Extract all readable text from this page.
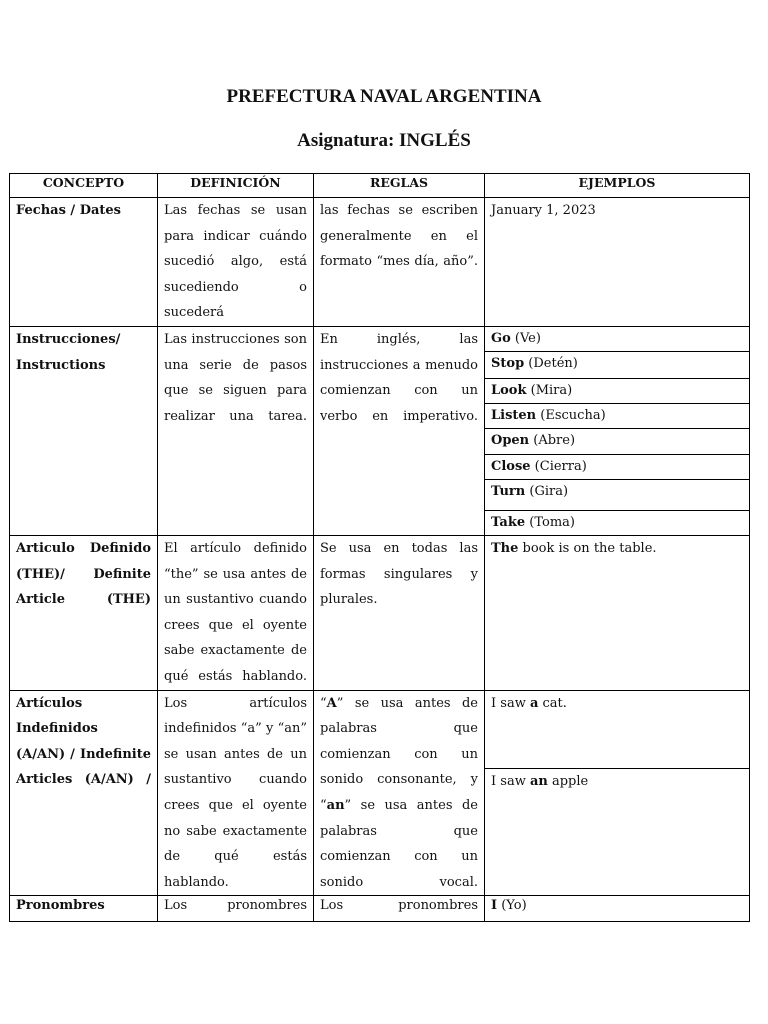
PREFECTURA NAVAL ARGENTINA
Asignatura: INGLÉS
CONCEPTO	DEFINICIÓN	REGLAS	EJEMPLOS
Fechas / Dates	Las fechas se usan para indicar cuándo sucedió algo, está sucediendo o sucederá	las fechas se escriben generalmente en el formato “mes día, año”.	January 1, 2023
Instrucciones/ Instructions	Las instrucciones son una serie de pasos que se siguen para realizar una tarea.	En inglés, las instrucciones a menudo comienzan con un verbo en imperativo.	Go (Ve)
			Stop (Detén)
			Look (Mira)
			Listen (Escucha)
			Open (Abre)
			Close (Cierra)
			Turn (Gira)
			Take (Toma)
Articulo Definido (THE)/ Definite Article (THE)	El artículo definido “the” se usa antes de un sustantivo cuando crees que el oyente sabe exactamente de qué estás hablando.	Se usa en todas las formas singulares y plurales.	The book is on the table.
Artículos Indefinidos (A/AN) / Indefinite Articles (A/AN) /	Los artículos indefinidos “a” y “an” se usan antes de un sustantivo cuando crees que el oyente no sabe exactamente de qué estás hablando.	“A” se usa antes de palabras que comienzan con un sonido consonante, y “an” se usa antes de palabras que comienzan con un sonido vocal.	I saw a cat.
			I saw an apple
Pronombres	Los pronombres	Los pronombres	I (Yo)
